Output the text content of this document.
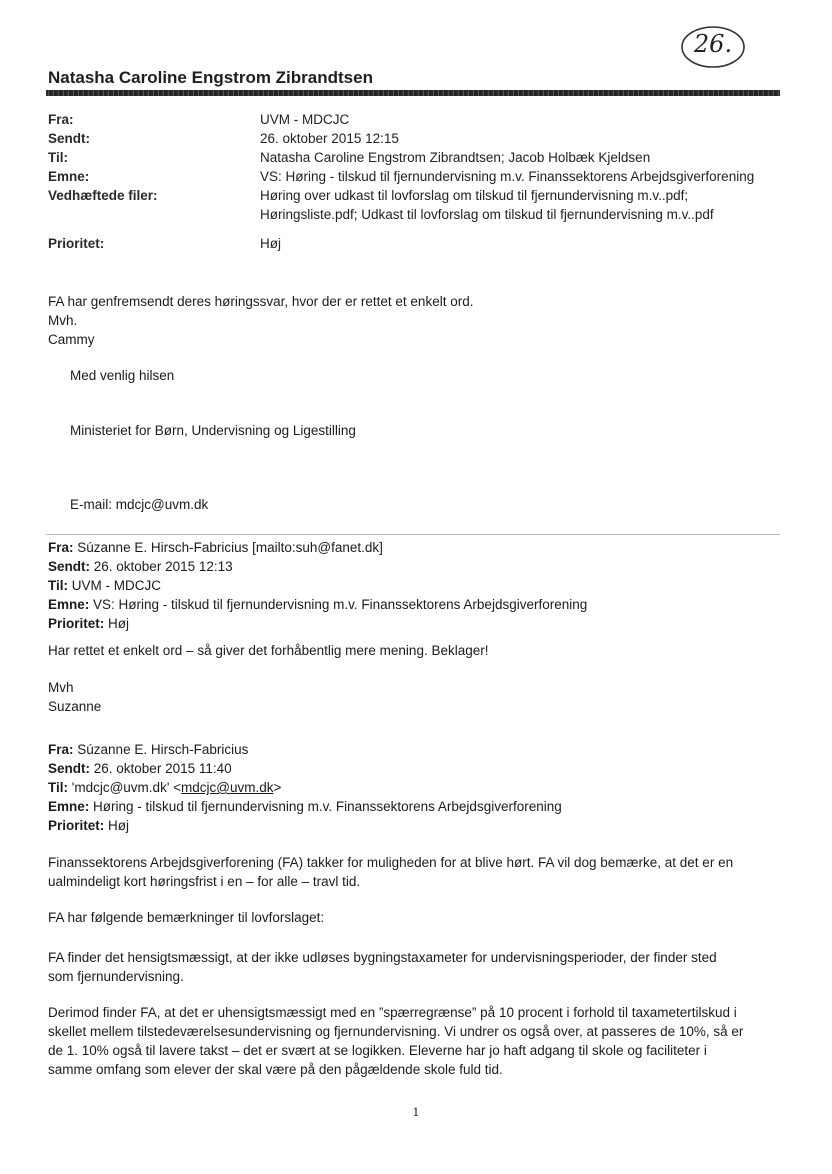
26.
Natasha Caroline Engstrom Zibrandtsen
Fra:	UVM - MDCJC
Sendt:	26. oktober 2015 12:15
Til:	Natasha Caroline Engstrom Zibrandtsen; Jacob Holbæk Kjeldsen
Emne:	VS: Høring - tilskud til fjernundervisning m.v. Finanssektorens Arbejdsgiverforening
Vedhæftede filer:	Høring over udkast til lovforslag om tilskud til fjernundervisning m.v..pdf;
Høringsliste.pdf; Udkast til lovforslag om tilskud til fjernundervisning m.v..pdf
Prioritet:	Høj

FA har genfremsendt deres høringssvar, hvor der er rettet et enkelt ord.

Mvh.

Cammy

Med venlig hilsen
Ministeriet for Børn, Undervisning og Ligestilling
E-mail: mdcjc@uvm.dk

Fra: Súzanne E. Hirsch-Fabricius [mailto:suh@fanet.dk]

Sendt: 26. oktober 2015 12:13

Til: UVM - MDCJC

Emne: VS: Høring - tilskud til fjernundervisning m.v. Finanssektorens Arbejdsgiverforening

Prioritet: Høj

Har rettet et enkelt ord – så giver det forhåbentlig mere mening. Beklager!

Mvh

Suzanne

Fra: Súzanne E. Hirsch-Fabricius

Sendt: 26. oktober 2015 11:40

Til: 'mdcjc@uvm.dk' <mdcjc@uvm.dk>

Emne: Høring - tilskud til fjernundervisning m.v. Finanssektorens Arbejdsgiverforening

Prioritet: Høj

Finanssektorens Arbejdsgiverforening (FA) takker for muligheden for at blive hørt. FA vil dog bemærke, at det er en

ualmindeligt kort høringsfrist i en – for alle – travl tid.

FA har følgende bemærkninger til lovforslaget:

FA finder det hensigtsmæssigt, at der ikke udløses bygningstaxameter for undervisningsperioder, der finder sted

som fjernundervisning.

Derimod finder FA, at det er uhensigtsmæssigt med en ”spærregrænse” på 10 procent i forhold til taxametertilskud i

skellet mellem tilstedeværelsesundervisning og fjernundervisning. Vi undrer os også over, at passeres de 10%, så er

de 1. 10% også til lavere takst – det er svært at se logikken. Eleverne har jo haft adgang til skole og faciliteter i

samme omfang som elever der skal være på den pågældende skole fuld tid.

1
